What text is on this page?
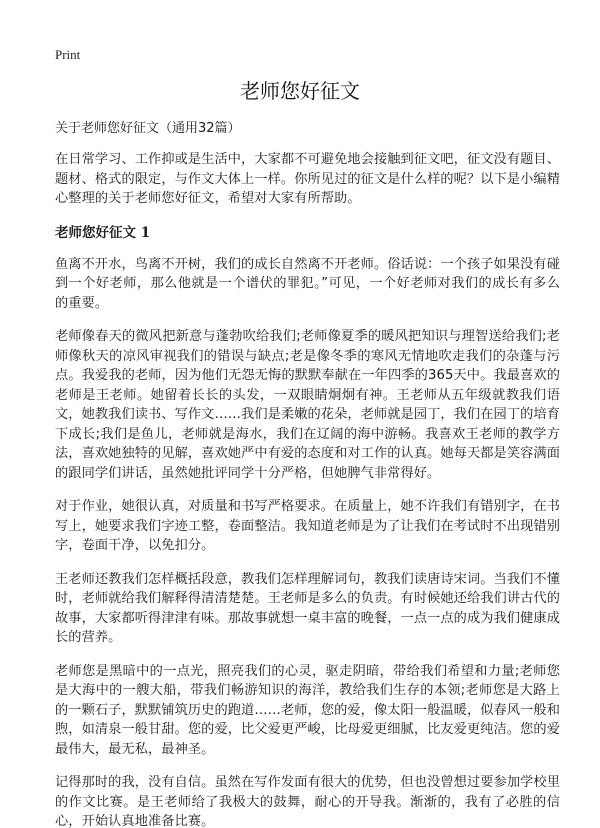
Print
老师您好征文

关于老师您好征文（通用32篇）

在日常学习、工作抑或是生活中，大家都不可避免地会接触到征文吧，征文没有题目、题材、格式的限定，与作文大体上一样。你所见过的征文是什么样的呢？以下是小编精心整理的关于老师您好征文，希望对大家有所帮助。

老师您好征文 1

鱼离不开水，鸟离不开树，我们的成长自然离不开老师。俗话说：一个孩子如果没有碰到一个好老师，那么他就是一个谱伏的罪犯。”可见，一个好老师对我们的成长有多么的重要。

老师像春天的微风把新意与蓬勃吹给我们;老师像夏季的暖风把知识与理智送给我们;老师像秋天的凉风审视我们的错误与缺点;老是像冬季的寒风无情地吹走我们的杂蓬与污点。我爱我的老师，因为他们无怨无悔的默默奉献在一年四季的365天中。我最喜欢的老师是王老师。她留着长长的头发，一双眼睛炯炯有神。王老师从五年级就教我们语文，她教我们读书、写作文……我们是柔嫩的花朵，老师就是园丁，我们在园丁的培育下成长;我们是鱼儿，老师就是海水，我们在辽阔的海中游畅。我喜欢王老师的教学方法，喜欢她独特的见解，喜欢她严中有爱的态度和对工作的认真。她每天都是笑容满面的跟同学们讲话，虽然她批评同学十分严格，但她脾气非常得好。

对于作业，她很认真，对质量和书写严格要求。在质量上，她不许我们有错别字，在书写上，她要求我们字迹工整，卷面整洁。我知道老师是为了让我们在考试时不出现错别字，卷面干净，以免扣分。

王老师还教我们怎样概括段意，教我们怎样理解词句，教我们读唐诗宋词。当我们不懂时，老师就给我们解释得清清楚楚。王老师是多么的负责。有时候她还给我们讲古代的 故事，大家都听得津津有味。那故事就想一桌丰富的晚餐，一点一点的成为我们健康成长的营养。

老师您是黑暗中的一点光，照亮我们的心灵，驱走阴暗，带给我们希望和力量;老师您是大海中的一艘大船，带我们畅游知识的海洋，教给我们生存的本领;老师您是大路上的一颗石子，默默铺筑历史的跑道……老师，您的爱，像太阳一般温暖，似春风一般和煦，如清泉一般甘甜。您的爱，比父爱更严峻，比母爱更细腻，比友爱更纯洁。您的爱最伟大，最无私，最神圣。

记得那时的我，没有自信。虽然在写作发面有很大的优势，但也没曾想过要参加学校里的作文比赛。是王老师给了我极大的鼓舞，耐心的开导我。渐渐的，我有了必胜的信心，开始认真地准备比赛。
